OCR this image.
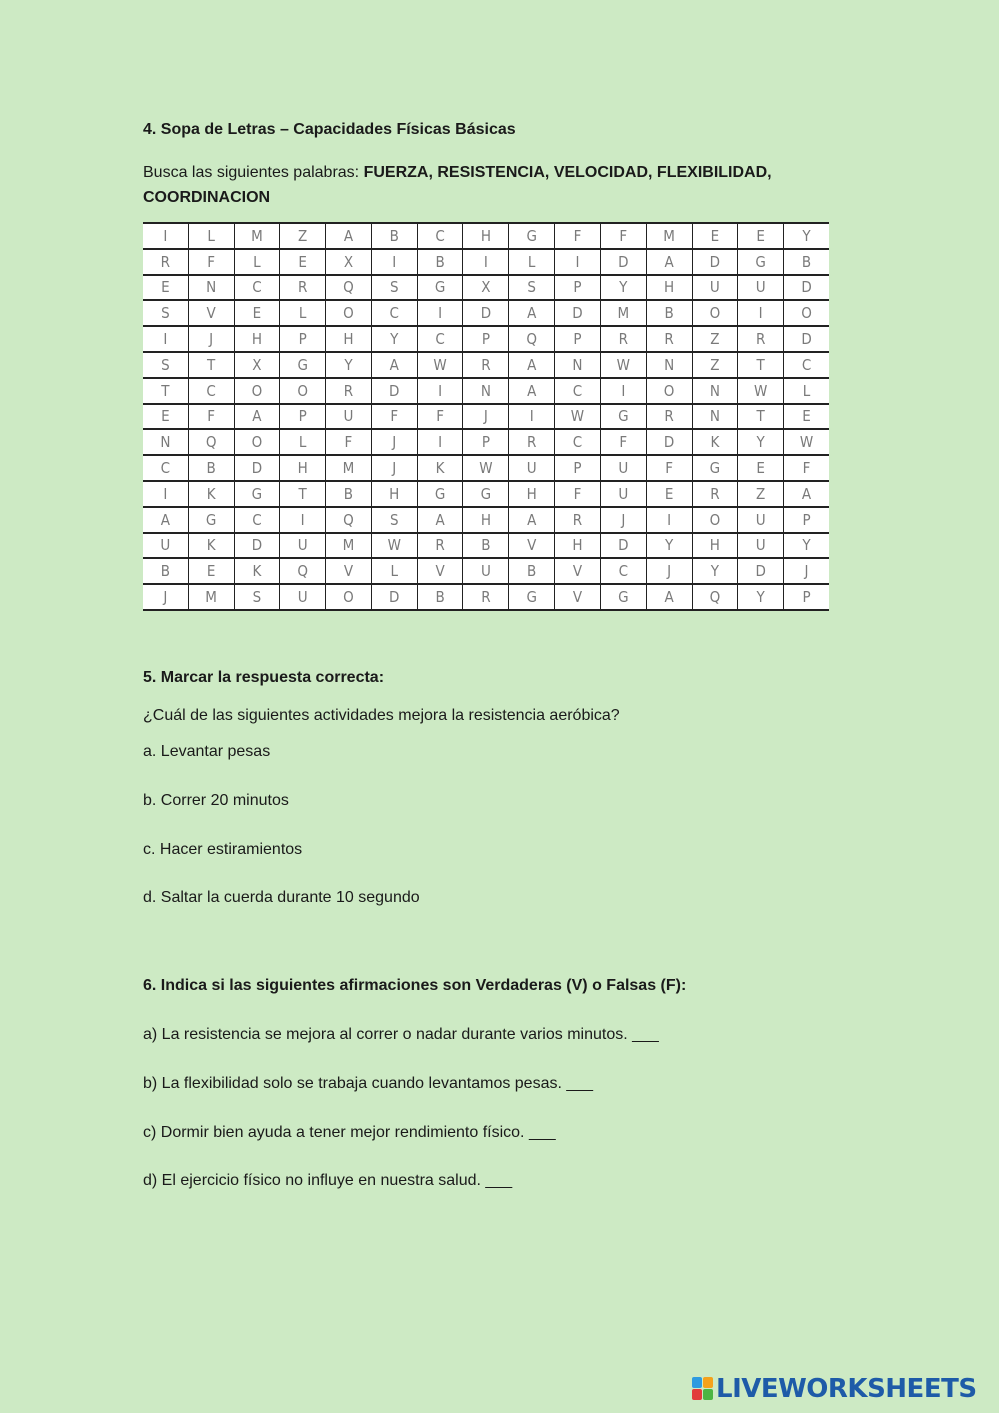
4. Sopa de Letras – Capacidades Físicas Básicas
Busca las siguientes palabras: FUERZA, RESISTENCIA, VELOCIDAD, FLEXIBILIDAD,
COORDINACION
I	L	M	Z	A	B	C	H	G	F	F	M	E	E	Y
R	F	L	E	X	I	B	I	L	I	D	A	D	G	B
E	N	C	R	Q	S	G	X	S	P	Y	H	U	U	D
S	V	E	L	O	C	I	D	A	D	M	B	O	I	O
I	J	H	P	H	Y	C	P	Q	P	R	R	Z	R	D
S	T	X	G	Y	A	W	R	A	N	W	N	Z	T	C
T	C	O	O	R	D	I	N	A	C	I	O	N	W	L
E	F	A	P	U	F	F	J	I	W	G	R	N	T	E
N	Q	O	L	F	J	I	P	R	C	F	D	K	Y	W
C	B	D	H	M	J	K	W	U	P	U	F	G	E	F
I	K	G	T	B	H	G	G	H	F	U	E	R	Z	A
A	G	C	I	Q	S	A	H	A	R	J	I	O	U	P
U	K	D	U	M	W	R	B	V	H	D	Y	H	U	Y
B	E	K	Q	V	L	V	U	B	V	C	J	Y	D	J
J	M	S	U	O	D	B	R	G	V	G	A	Q	Y	P
5. Marcar la respuesta correcta:
¿Cuál de las siguientes actividades mejora la resistencia aeróbica?
a. Levantar pesas
b. Correr 20 minutos
c. Hacer estiramientos
d. Saltar la cuerda durante 10 segundo
6. Indica si las siguientes afirmaciones son Verdaderas (V) o Falsas (F):
a) La resistencia se mejora al correr o nadar durante varios minutos. ___
b) La flexibilidad solo se trabaja cuando levantamos pesas. ___
c) Dormir bien ayuda a tener mejor rendimiento físico. ___
d) El ejercicio físico no influye en nuestra salud. ___
LIVEWORKSHEETS
